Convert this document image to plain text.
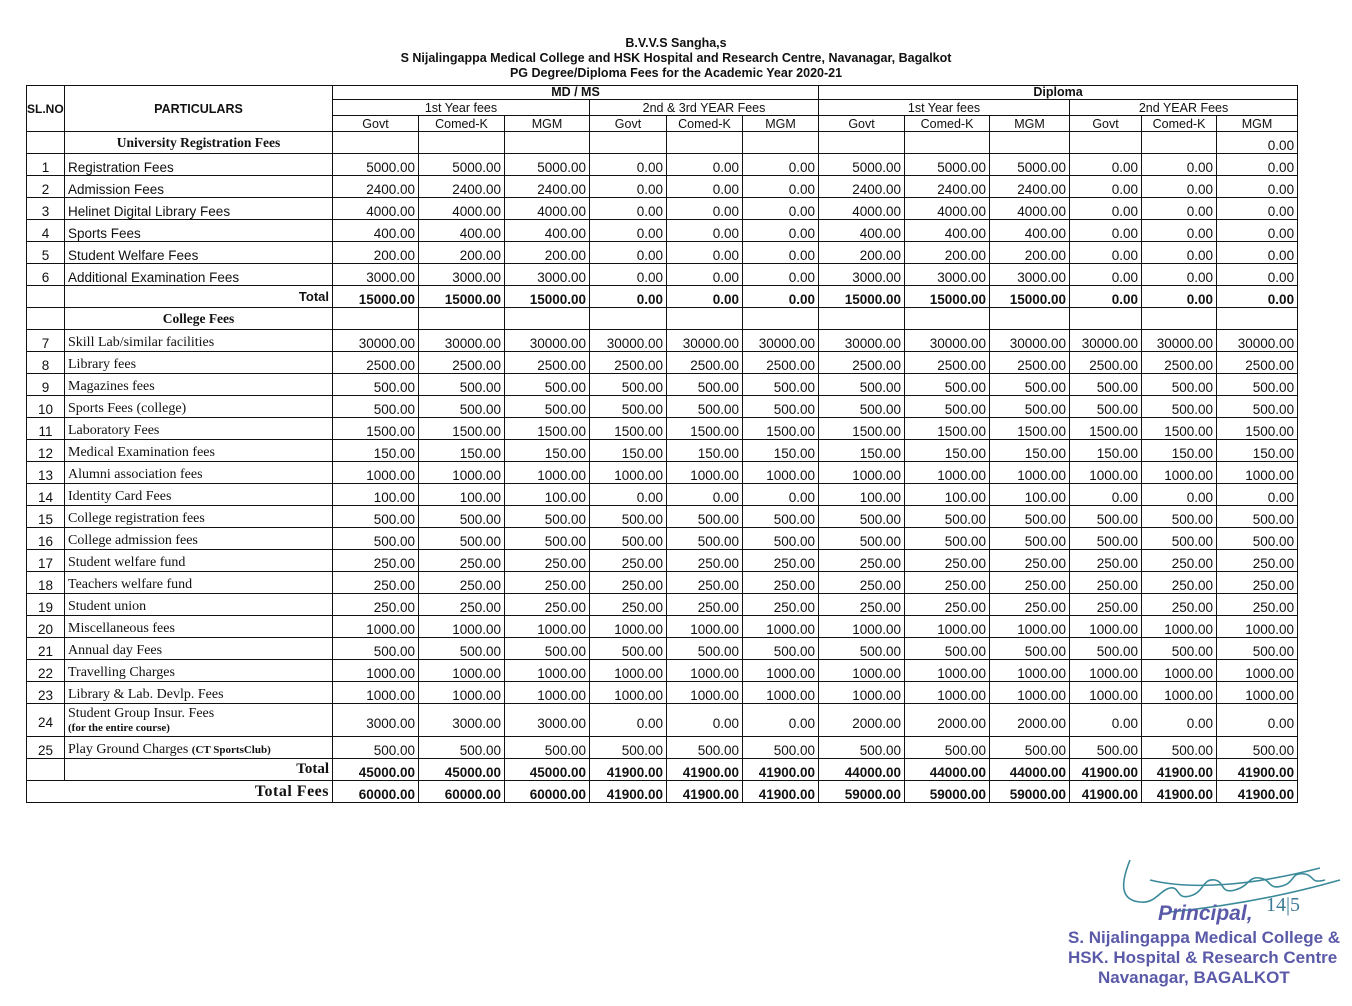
B.V.V.S Sangha,s
S Nijalingappa Medical College and HSK Hospital and Research Centre, Navanagar, Bagalkot
PG Degree/Diploma Fees for the Academic Year 2020-21
SL.NO	PARTICULARS	MD / MS						Diploma					
		1st Year fees			2nd & 3rd YEAR Fees			1st Year fees			2nd YEAR Fees		
		Govt	Comed-K	MGM	Govt	Comed-K	MGM	Govt	Comed-K	MGM	Govt	Comed-K	MGM
	University Registration Fees												0.00
1	Registration Fees	5000.00	5000.00	5000.00	0.00	0.00	0.00	5000.00	5000.00	5000.00	0.00	0.00	0.00
2	Admission Fees	2400.00	2400.00	2400.00	0.00	0.00	0.00	2400.00	2400.00	2400.00	0.00	0.00	0.00
3	Helinet Digital Library Fees	4000.00	4000.00	4000.00	0.00	0.00	0.00	4000.00	4000.00	4000.00	0.00	0.00	0.00
4	Sports Fees	400.00	400.00	400.00	0.00	0.00	0.00	400.00	400.00	400.00	0.00	0.00	0.00
5	Student Welfare Fees	200.00	200.00	200.00	0.00	0.00	0.00	200.00	200.00	200.00	0.00	0.00	0.00
6	Additional Examination Fees	3000.00	3000.00	3000.00	0.00	0.00	0.00	3000.00	3000.00	3000.00	0.00	0.00	0.00
	Total	15000.00	15000.00	15000.00	0.00	0.00	0.00	15000.00	15000.00	15000.00	0.00	0.00	0.00
	College Fees												
7	Skill Lab/similar facilities	30000.00	30000.00	30000.00	30000.00	30000.00	30000.00	30000.00	30000.00	30000.00	30000.00	30000.00	30000.00
8	Library fees	2500.00	2500.00	2500.00	2500.00	2500.00	2500.00	2500.00	2500.00	2500.00	2500.00	2500.00	2500.00
9	Magazines fees	500.00	500.00	500.00	500.00	500.00	500.00	500.00	500.00	500.00	500.00	500.00	500.00
10	Sports Fees (college)	500.00	500.00	500.00	500.00	500.00	500.00	500.00	500.00	500.00	500.00	500.00	500.00
11	Laboratory Fees	1500.00	1500.00	1500.00	1500.00	1500.00	1500.00	1500.00	1500.00	1500.00	1500.00	1500.00	1500.00
12	Medical Examination fees	150.00	150.00	150.00	150.00	150.00	150.00	150.00	150.00	150.00	150.00	150.00	150.00
13	Alumni association fees	1000.00	1000.00	1000.00	1000.00	1000.00	1000.00	1000.00	1000.00	1000.00	1000.00	1000.00	1000.00
14	Identity Card Fees	100.00	100.00	100.00	0.00	0.00	0.00	100.00	100.00	100.00	0.00	0.00	0.00
15	College registration fees	500.00	500.00	500.00	500.00	500.00	500.00	500.00	500.00	500.00	500.00	500.00	500.00
16	College admission fees	500.00	500.00	500.00	500.00	500.00	500.00	500.00	500.00	500.00	500.00	500.00	500.00
17	Student welfare fund	250.00	250.00	250.00	250.00	250.00	250.00	250.00	250.00	250.00	250.00	250.00	250.00
18	Teachers welfare fund	250.00	250.00	250.00	250.00	250.00	250.00	250.00	250.00	250.00	250.00	250.00	250.00
19	Student union	250.00	250.00	250.00	250.00	250.00	250.00	250.00	250.00	250.00	250.00	250.00	250.00
20	Miscellaneous fees	1000.00	1000.00	1000.00	1000.00	1000.00	1000.00	1000.00	1000.00	1000.00	1000.00	1000.00	1000.00
21	Annual day Fees	500.00	500.00	500.00	500.00	500.00	500.00	500.00	500.00	500.00	500.00	500.00	500.00
22	Travelling Charges	1000.00	1000.00	1000.00	1000.00	1000.00	1000.00	1000.00	1000.00	1000.00	1000.00	1000.00	1000.00
23	Library & Lab. Devlp. Fees	1000.00	1000.00	1000.00	1000.00	1000.00	1000.00	1000.00	1000.00	1000.00	1000.00	1000.00	1000.00
24	Student Group Insur. Fees
(for the entire course)	3000.00	3000.00	3000.00	0.00	0.00	0.00	2000.00	2000.00	2000.00	0.00	0.00	0.00
25	Play Ground Charges (CT SportsClub)	500.00	500.00	500.00	500.00	500.00	500.00	500.00	500.00	500.00	500.00	500.00	500.00
	Total	45000.00	45000.00	45000.00	41900.00	41900.00	41900.00	44000.00	44000.00	44000.00	41900.00	41900.00	41900.00
Total Fees		60000.00	60000.00	60000.00	41900.00	41900.00	41900.00	59000.00	59000.00	59000.00	41900.00	41900.00	41900.00
Principal, 14|5
S. Nijalingappa Medical College &
HSK. Hospital & Research Centre
Navanagar, BAGALKOT
